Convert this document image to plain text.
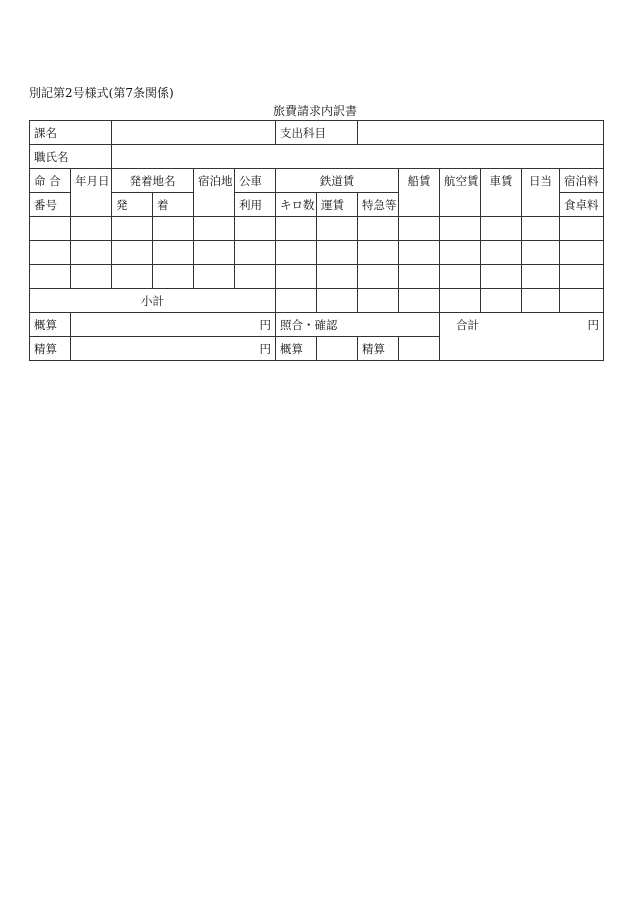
別記第2号様式(第7条関係)
旅費請求内訳書
課名						支出科目							
職氏名													
命 合	年月日	発着地名		宿泊地	公車	鉄道賃			船賃	航空賃	車賃	日当	宿泊料
番号		発	着		利用	キロ数	運賃	特急等					食卓料

小計													
概算	円					照合・確認				合計 円			

精算	円					概算		精算					
